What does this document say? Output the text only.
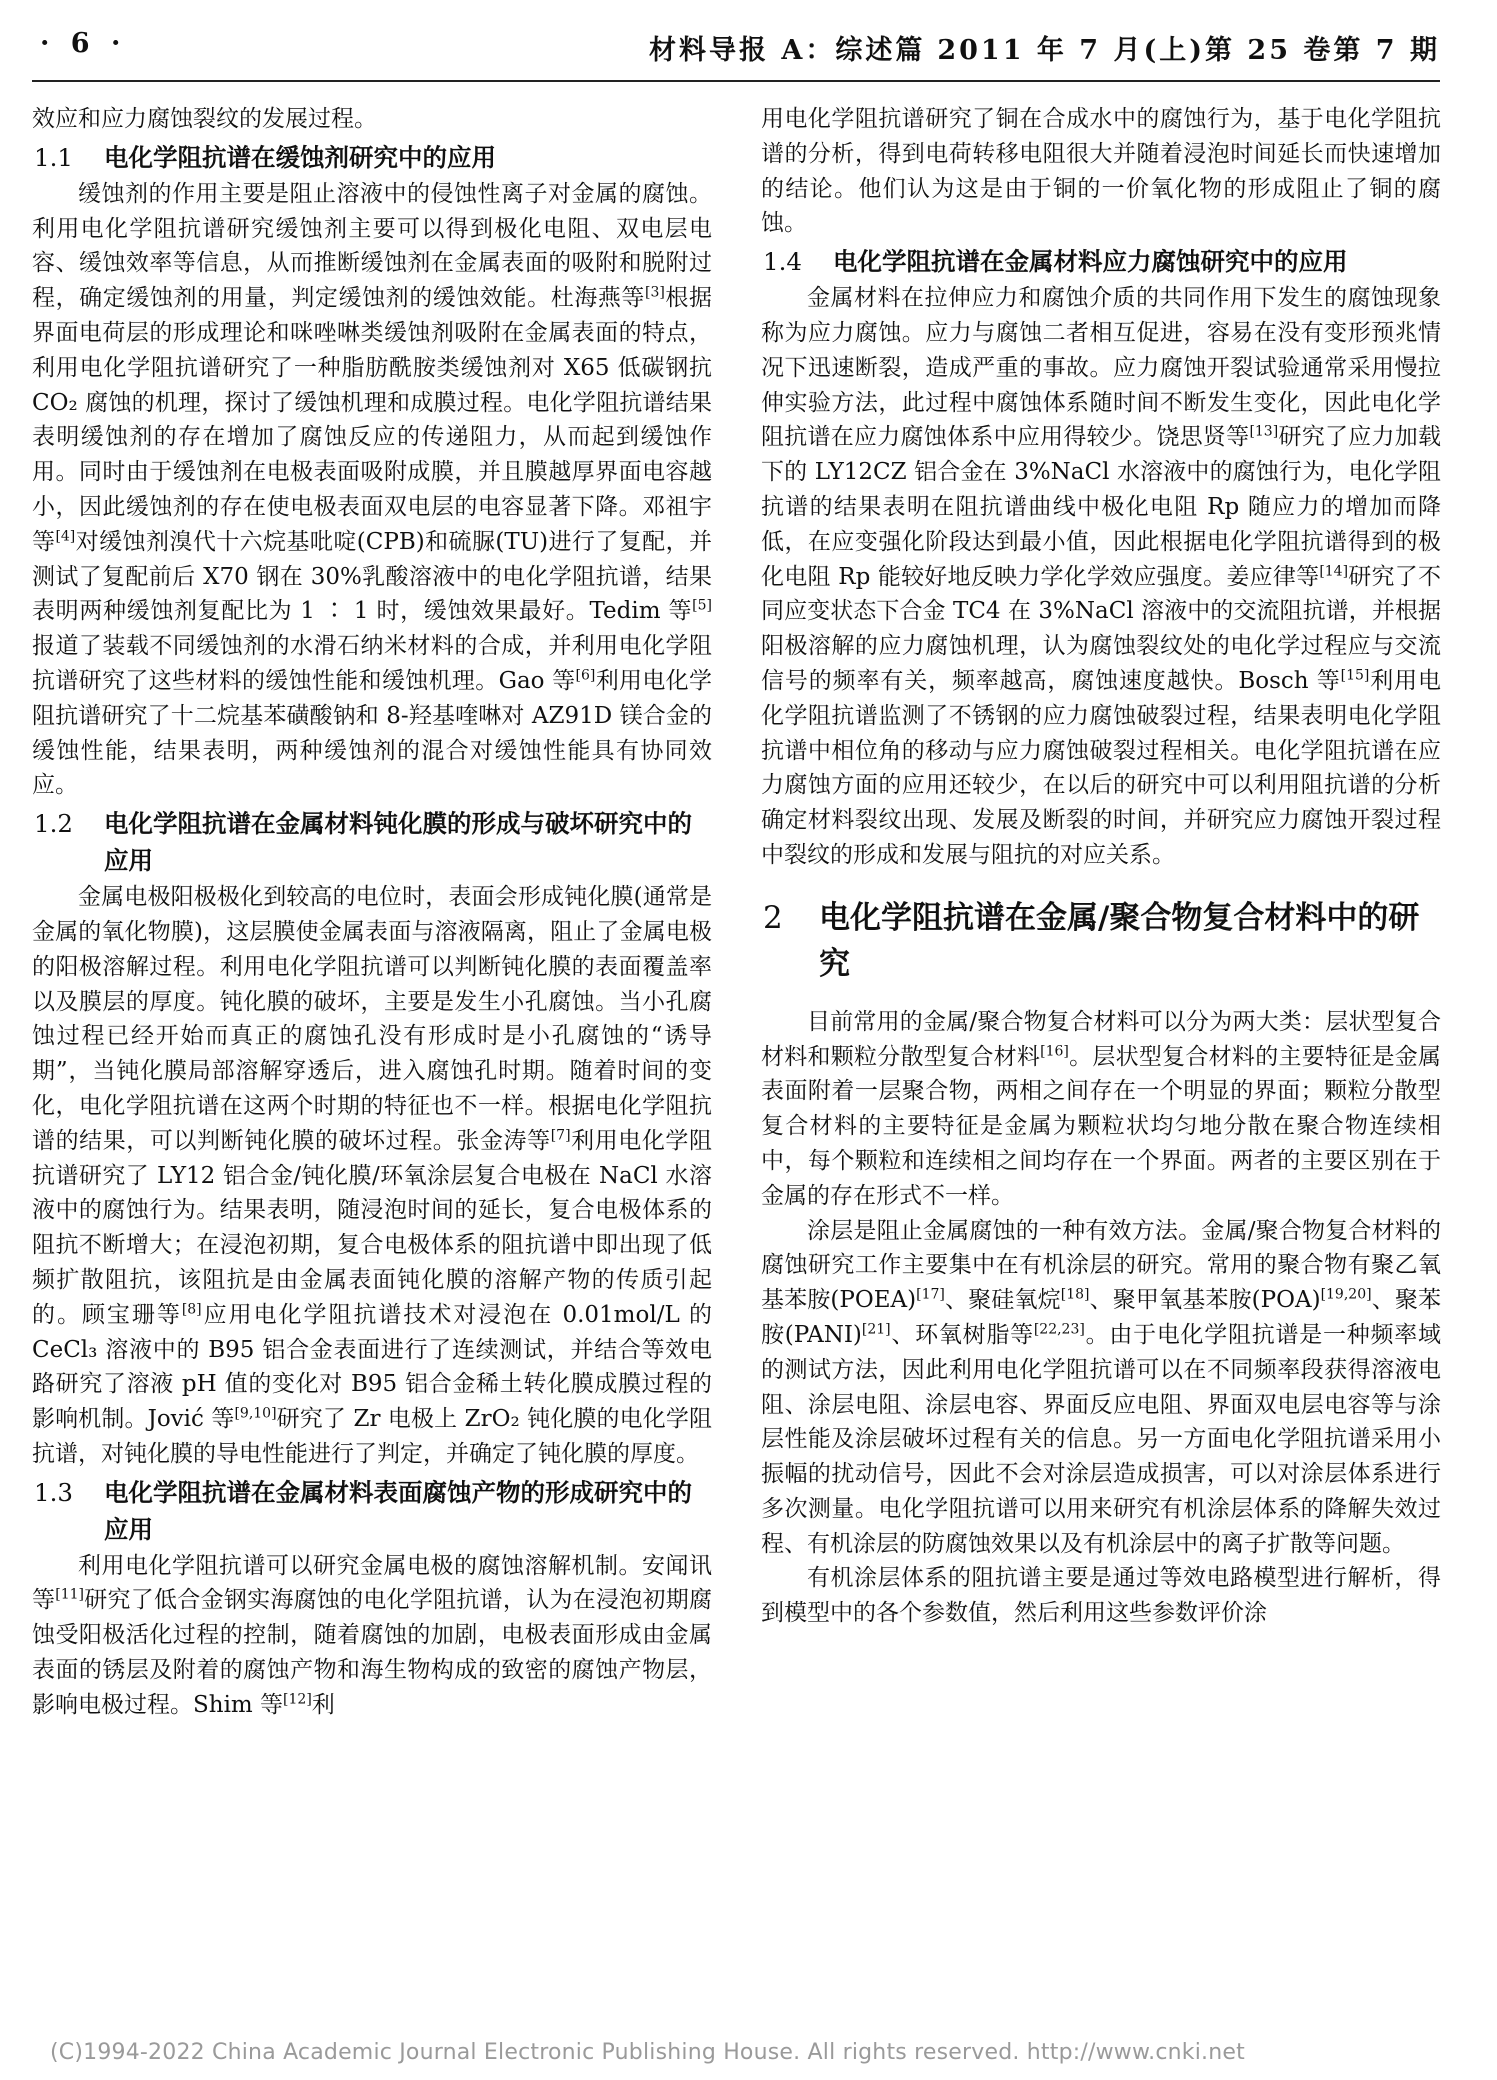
· 6 ·	材料导报 A：综述篇 2011 年 7 月(上)第 25 卷第 7 期

效应和应力腐蚀裂纹的发展过程。

1.1	电化学阻抗谱在缓蚀剂研究中的应用

缓蚀剂的作用主要是阻止溶液中的侵蚀性离子对金属的腐蚀。利用电化学阻抗谱研究缓蚀剂主要可以得到极化电阻、双电层电容、缓蚀效率等信息，从而推断缓蚀剂在金属表面的吸附和脱附过程，确定缓蚀剂的用量，判定缓蚀剂的缓蚀效能。杜海燕等[3]根据界面电荷层的形成理论和咪唑啉类缓蚀剂吸附在金属表面的特点，利用电化学阻抗谱研究了一种脂肪酰胺类缓蚀剂对 X65 低碳钢抗 CO₂ 腐蚀的机理，探讨了缓蚀机理和成膜过程。电化学阻抗谱结果表明缓蚀剂的存在增加了腐蚀反应的传递阻力，从而起到缓蚀作用。同时由于缓蚀剂在电极表面吸附成膜，并且膜越厚界面电容越小，因此缓蚀剂的存在使电极表面双电层的电容显著下降。邓祖宇等[4]对缓蚀剂溴代十六烷基吡啶(CPB)和硫脲(TU)进行了复配，并测试了复配前后 X70 钢在 30%乳酸溶液中的电化学阻抗谱，结果表明两种缓蚀剂复配比为 1 ∶ 1 时，缓蚀效果最好。Tedim 等[5]报道了装载不同缓蚀剂的水滑石纳米材料的合成，并利用电化学阻抗谱研究了这些材料的缓蚀性能和缓蚀机理。Gao 等[6]利用电化学阻抗谱研究了十二烷基苯磺酸钠和 8-羟基喹啉对 AZ91D 镁合金的缓蚀性能，结果表明，两种缓蚀剂的混合对缓蚀性能具有协同效应。

1.2	电化学阻抗谱在金属材料钝化膜的形成与破坏研究中的应用

金属电极阳极极化到较高的电位时，表面会形成钝化膜(通常是金属的氧化物膜)，这层膜使金属表面与溶液隔离，阻止了金属电极的阳极溶解过程。利用电化学阻抗谱可以判断钝化膜的表面覆盖率以及膜层的厚度。钝化膜的破坏，主要是发生小孔腐蚀。当小孔腐蚀过程已经开始而真正的腐蚀孔没有形成时是小孔腐蚀的“诱导期”，当钝化膜局部溶解穿透后，进入腐蚀孔时期。随着时间的变化，电化学阻抗谱在这两个时期的特征也不一样。根据电化学阻抗谱的结果，可以判断钝化膜的破坏过程。张金涛等[7]利用电化学阻抗谱研究了 LY12 铝合金/钝化膜/环氧涂层复合电极在 NaCl 水溶液中的腐蚀行为。结果表明，随浸泡时间的延长，复合电极体系的阻抗不断增大；在浸泡初期，复合电极体系的阻抗谱中即出现了低频扩散阻抗，该阻抗是由金属表面钝化膜的溶解产物的传质引起的。顾宝珊等[8]应用电化学阻抗谱技术对浸泡在 0.01mol/L 的 CeCl₃ 溶液中的 B95 铝合金表面进行了连续测试，并结合等效电路研究了溶液 pH 值的变化对 B95 铝合金稀土转化膜成膜过程的影响机制。Jović 等[9,10]研究了 Zr 电极上 ZrO₂ 钝化膜的电化学阻抗谱，对钝化膜的导电性能进行了判定，并确定了钝化膜的厚度。

1.3	电化学阻抗谱在金属材料表面腐蚀产物的形成研究中的应用

利用电化学阻抗谱可以研究金属电极的腐蚀溶解机制。安闻讯等[11]研究了低合金钢实海腐蚀的电化学阻抗谱，认为在浸泡初期腐蚀受阳极活化过程的控制，随着腐蚀的加剧，电极表面形成由金属表面的锈层及附着的腐蚀产物和海生物构成的致密的腐蚀产物层，影响电极过程。Shim 等[12]利

用电化学阻抗谱研究了铜在合成水中的腐蚀行为，基于电化学阻抗谱的分析，得到电荷转移电阻很大并随着浸泡时间延长而快速增加的结论。他们认为这是由于铜的一价氧化物的形成阻止了铜的腐蚀。

1.4	电化学阻抗谱在金属材料应力腐蚀研究中的应用

金属材料在拉伸应力和腐蚀介质的共同作用下发生的腐蚀现象称为应力腐蚀。应力与腐蚀二者相互促进，容易在没有变形预兆情况下迅速断裂，造成严重的事故。应力腐蚀开裂试验通常采用慢拉伸实验方法，此过程中腐蚀体系随时间不断发生变化，因此电化学阻抗谱在应力腐蚀体系中应用得较少。饶思贤等[13]研究了应力加载下的 LY12CZ 铝合金在 3%NaCl 水溶液中的腐蚀行为，电化学阻抗谱的结果表明在阻抗谱曲线中极化电阻 Rp 随应力的增加而降低，在应变强化阶段达到最小值，因此根据电化学阻抗谱得到的极化电阻 Rp 能较好地反映力学化学效应强度。姜应律等[14]研究了不同应变状态下合金 TC4 在 3%NaCl 溶液中的交流阻抗谱，并根据阳极溶解的应力腐蚀机理，认为腐蚀裂纹处的电化学过程应与交流信号的频率有关，频率越高，腐蚀速度越快。Bosch 等[15]利用电化学阻抗谱监测了不锈钢的应力腐蚀破裂过程，结果表明电化学阻抗谱中相位角的移动与应力腐蚀破裂过程相关。电化学阻抗谱在应力腐蚀方面的应用还较少，在以后的研究中可以利用阻抗谱的分析确定材料裂纹出现、发展及断裂的时间，并研究应力腐蚀开裂过程中裂纹的形成和发展与阻抗的对应关系。

2	电化学阻抗谱在金属/聚合物复合材料中的研究

目前常用的金属/聚合物复合材料可以分为两大类：层状型复合材料和颗粒分散型复合材料[16]。层状型复合材料的主要特征是金属表面附着一层聚合物，两相之间存在一个明显的界面；颗粒分散型复合材料的主要特征是金属为颗粒状均匀地分散在聚合物连续相中，每个颗粒和连续相之间均存在一个界面。两者的主要区别在于金属的存在形式不一样。

涂层是阻止金属腐蚀的一种有效方法。金属/聚合物复合材料的腐蚀研究工作主要集中在有机涂层的研究。常用的聚合物有聚乙氧基苯胺(POEA)[17]、聚硅氧烷[18]、聚甲氧基苯胺(POA)[19,20]、聚苯胺(PANI)[21]、环氧树脂等[22,23]。由于电化学阻抗谱是一种频率域的测试方法，因此利用电化学阻抗谱可以在不同频率段获得溶液电阻、涂层电阻、涂层电容、界面反应电阻、界面双电层电容等与涂层性能及涂层破坏过程有关的信息。另一方面电化学阻抗谱采用小振幅的扰动信号，因此不会对涂层造成损害，可以对涂层体系进行多次测量。电化学阻抗谱可以用来研究有机涂层体系的降解失效过程、有机涂层的防腐蚀效果以及有机涂层中的离子扩散等问题。

有机涂层体系的阻抗谱主要是通过等效电路模型进行解析，得到模型中的各个参数值，然后利用这些参数评价涂

(C)1994-2022 China Academic Journal Electronic Publishing House. All rights reserved. http://www.cnki.net
